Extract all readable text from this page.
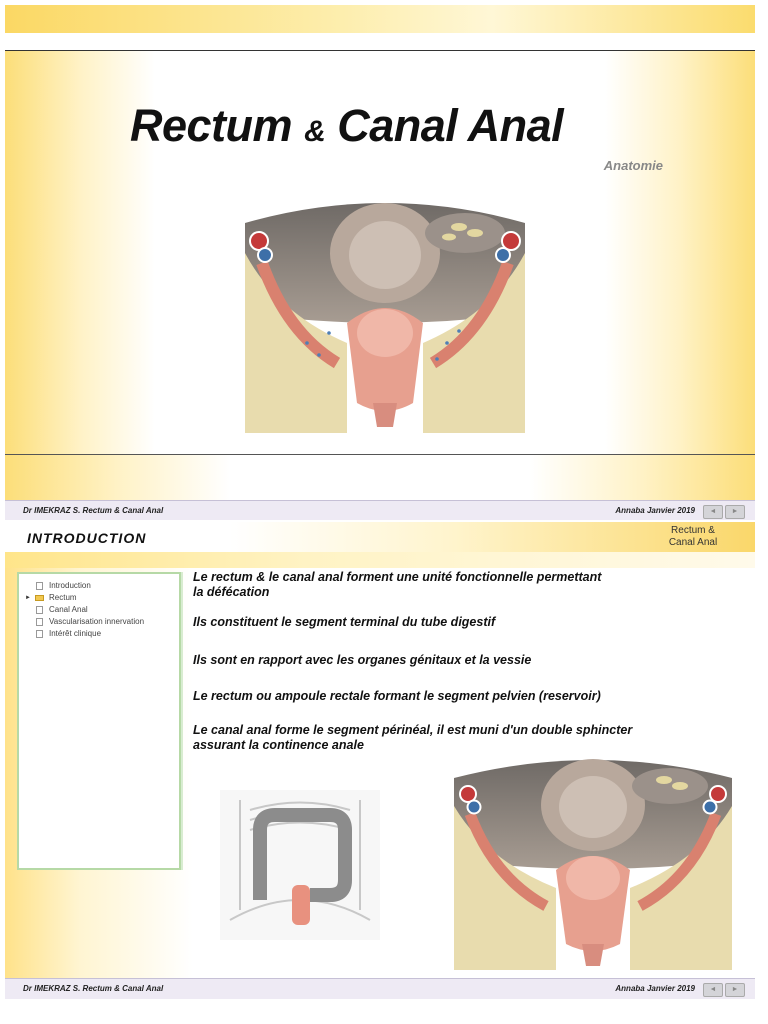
Rectum & Canal Anal
Anatomie
Dr IMEKRAZ S. Rectum & Canal Anal	Annaba Janvier 2019	◄	►
INTRODUCTION	Rectum &
Canal Anal
Introduction
► Rectum
Canal Anal
Vascularisation innervation
Intérêt clinique

Le rectum & le canal anal forment une unité fonctionnelle permettant
la défécation

Ils constituent le segment terminal du tube digestif

Ils sont en rapport avec les organes génitaux et la vessie

Le rectum ou ampoule rectale formant le segment pelvien (reservoir)

Le canal anal forme le segment périnéal, il est muni d'un double sphincter
assurant la continence anale

Dr IMEKRAZ S. Rectum & Canal Anal	Annaba Janvier 2019	◄	►
